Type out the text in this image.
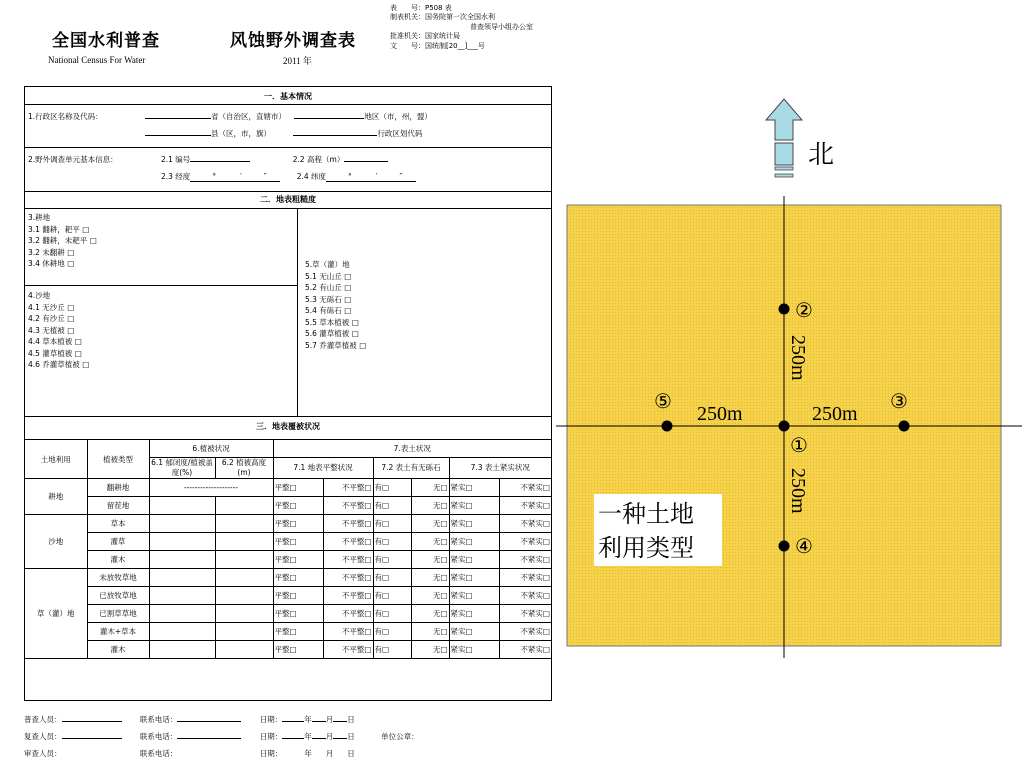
全国水利普查
National Census For Water
风蚀野外调查表
2011 年
表　　号：P508 表
制表机关：国务院第一次全国水利
普查领导小组办公室
批准机关：国家统计局
文　　号：国统制[20__]___号
一．基本情况
1.行政区名称及代码：	省（自治区，直辖市）	地区（市，州，盟）
县（区，市，旗）	行政区划代码
2.野外调查单元基本信息：	2.1 编号	2.2 高程（m）
2.3 经度	°	′	″	2.4 纬度	°	′	″
二．地表粗糙度
3.耕地
3.1 翻耕，耙平 □
3.2 翻耕，未耙平 □
3.2 未翻耕 □
3.4 休耕地 □
4.沙地
4.1 无沙丘 □
4.2 有沙丘 □
4.3 无植被 □
4.4 草本植被 □
4.5 灌草植被 □
4.6 乔灌草植被 □
5.草（灌）地
5.1 无山丘 □
5.2 有山丘 □
5.3 无砾石 □
5.4 有砾石 □
5.5 草本植被 □
5.6 灌草植被 □
5.7 乔灌草植被 □
三．地表覆被状况
土地利用	植被类型	6.植被状况		7.表土状况					
		6.1 郁闭度/植被盖度(%)	6.2 植被高度(m)	7.1 地表平整状况		7.2 表土有无砾石		7.3 表土紧实状况	

耕地	翻耕地	--------------------		平整□	不平整□	有□	无□	紧实□	不紧实□
	留茬地			平整□	不平整□	有□	无□	紧实□	不紧实□
沙地	草本			平整□	不平整□	有□	无□	紧实□	不紧实□
	灌草			平整□	不平整□	有□	无□	紧实□	不紧实□
	灌木			平整□	不平整□	有□	无□	紧实□	不紧实□
草（灌）地	未放牧草地			平整□	不平整□	有□	无□	紧实□	不紧实□
	已放牧草地			平整□	不平整□	有□	无□	紧实□	不紧实□
	已割草草地			平整□	不平整□	有□	无□	紧实□	不紧实□
	灌木+草本			平整□	不平整□	有□	无□	紧实□	不紧实□
	灌木			平整□	不平整□	有□	无□	紧实□	不紧实□
普查人员：	联系电话：	日期：	年 月 日
复查人员：	联系电话：	日期：	年 月 日	单位公章：
审查人员：	联系电话：	日期：	年 月 日
北
①
②
③
④
⑤
250m	250m
250m
250m
一种土地
利用类型
